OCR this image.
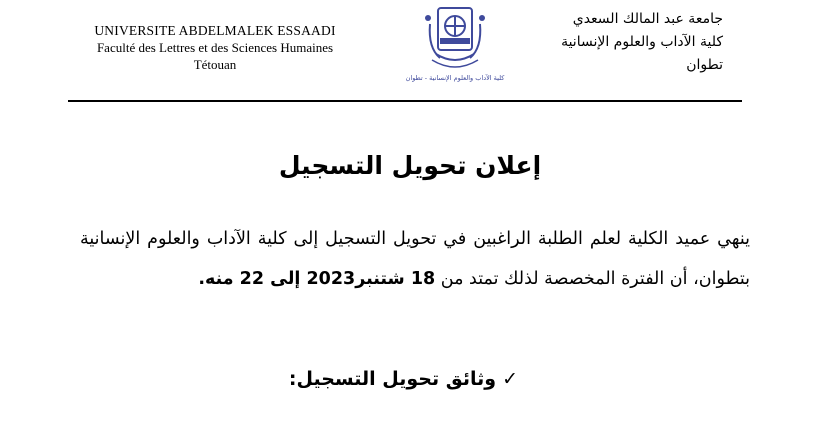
UNIVERSITE ABDELMALEK ESSAADI
Faculté des Lettres et des Sciences Humaines
Tétouan
كلية الآداب والعلوم الإنسانية - تطوان
جامعة عبد المالك السعدي
كلية الآداب والعلوم الإنسانية
تطوان
إعلان تحويل التسجيل
ينهي عميد الكلية لعلم الطلبة الراغبين في تحويل التسجيل إلى كلية الآداب والعلوم الإنسانية بتطوان، أن الفترة المخصصة لذلك تمتد من 18 شتنبر2023 إلى 22 منه.
✓وثائق تحويل التسجيل:
